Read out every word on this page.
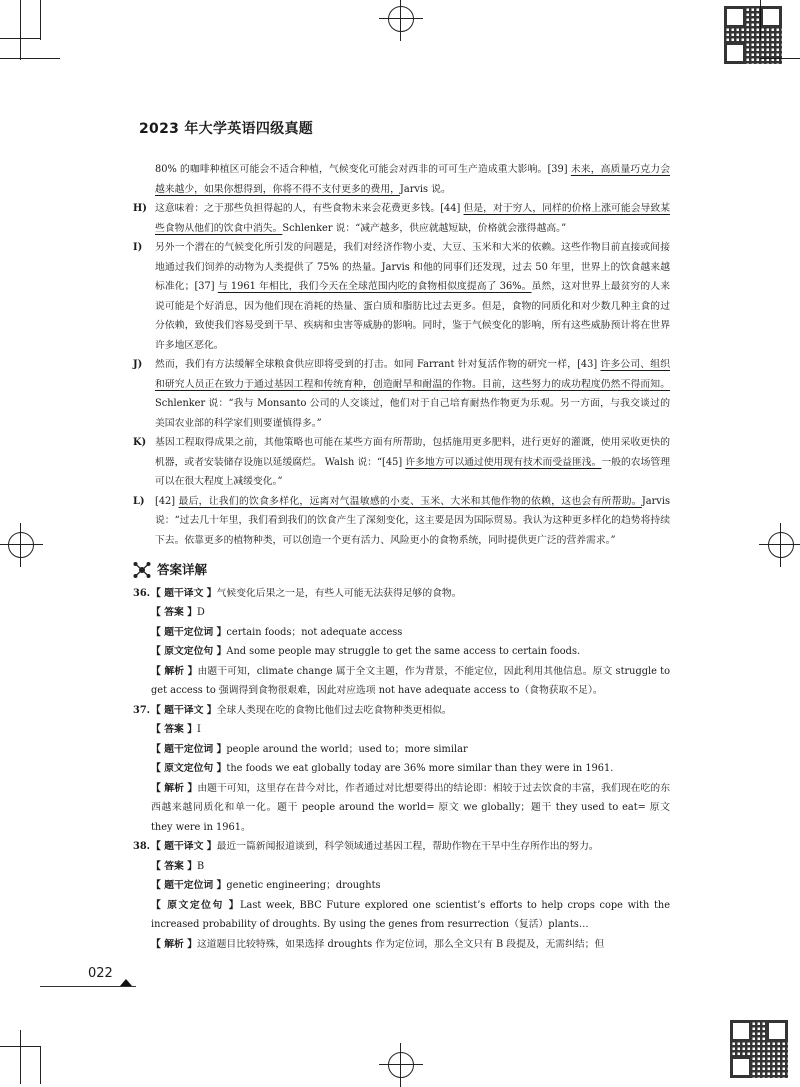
2023 年大学英语四级真题
80% 的咖啡种植区可能会不适合种植，气候变化可能会对西非的可可生产造成重大影响。[39] 未来，高质量巧克力会越来越少，如果你想得到，你将不得不支付更多的费用，Jarvis 说。
H) 这意味着：之于那些负担得起的人，有些食物未来会花费更多钱。[44] 但是，对于穷人，同样的价格上涨可能会导致某些食物从他们的饮食中消失。Schlenker 说：“减产越多，供应就越短缺，价格就会涨得越高。”
I)	另外一个潜在的气候变化所引发的问题是，我们对经济作物小麦、大豆、玉米和大米的依赖。这些作物目前直接或间接地通过我们饲养的动物为人类提供了 75% 的热量。Jarvis 和他的同事们还发现，过去 50 年里，世界上的饮食越来越标准化；[37] 与 1961 年相比，我们今天在全球范围内吃的食物相似度提高了 36%。虽然，这对世界上最贫穷的人来说可能是个好消息，因为他们现在消耗的热量、蛋白质和脂肪比过去更多。但是，食物的同质化和对少数几种主食的过分依赖，致使我们容易受到干旱、疾病和虫害等威胁的影响。同时，鉴于气候变化的影响，所有这些威胁预计将在世界许多地区恶化。
J)	然而，我们有方法缓解全球粮食供应即将受到的打击。如同 Farrant 针对复活作物的研究一样，[43] 许多公司、组织和研究人员正在致力于通过基因工程和传统育种，创造耐旱和耐温的作物。目前，这些努力的成功程度仍然不得而知。Schlenker 说：“我与 Monsanto 公司的人交谈过，他们对于自己培育耐热作物更为乐观。另一方面，与我交谈过的美国农业部的科学家们则要谨慎得多。”
K) 基因工程取得成果之前，其他策略也可能在某些方面有所帮助，包括施用更多肥料，进行更好的灌溉，使用采收更快的机器，或者安装储存设施以延缓腐烂。 Walsh 说：“[45] 许多地方可以通过使用现有技术而受益匪浅。一般的农场管理可以在很大程度上减缓变化。”
L)	[42] 最后，让我们的饮食多样化，远离对气温敏感的小麦、玉米、大米和其他作物的依赖，这也会有所帮助。Jarvis 说：“过去几十年里，我们看到我们的饮食产生了深刻变化，这主要是因为国际贸易。我认为这种更多样化的趋势将持续下去。依靠更多的植物种类，可以创造一个更有活力、风险更小的食物系统，同时提供更广泛的营养需求。”
答案详解
36. 【 题干译文 】气候变化后果之一是，有些人可能无法获得足够的食物。
【 答案 】D
【 题干定位词 】certain foods；not adequate access
【 原文定位句 】And some people may struggle to get the same access to certain foods.
【 解析 】由题干可知，climate change 属于全文主题，作为背景，不能定位，因此利用其他信息。原文 struggle to get access to 强调得到食物很艰难，因此对应选项 not have adequate access to（食物获取不足）。
37. 【 题干译文 】全球人类现在吃的食物比他们过去吃食物种类更相似。
【 答案 】I
【 题干定位词 】people around the world；used to；more similar
【 原文定位句 】the foods we eat globally today are 36% more similar than they were in 1961.
【 解析 】由题干可知，这里存在昔今对比，作者通过对比想要得出的结论即：相较于过去饮食的丰富，我们现在吃的东西越来越同质化和单一化。题干 people around the world= 原文 we globally；题干 they used to eat= 原文 they were in 1961。
38. 【 题干译文 】最近一篇新闻报道谈到，科学领域通过基因工程，帮助作物在干旱中生存所作出的努力。
【 答案 】B
【 题干定位词 】genetic engineering；droughts
【 原文定位句 】Last week, BBC Future explored one scientist’s efforts to help crops cope with the increased probability of droughts. By using the genes from resurrection（复活）plants…
【 解析 】这道题目比较特殊，如果选择 droughts 作为定位词，那么全文只有 B 段提及，无需纠结；但
022
